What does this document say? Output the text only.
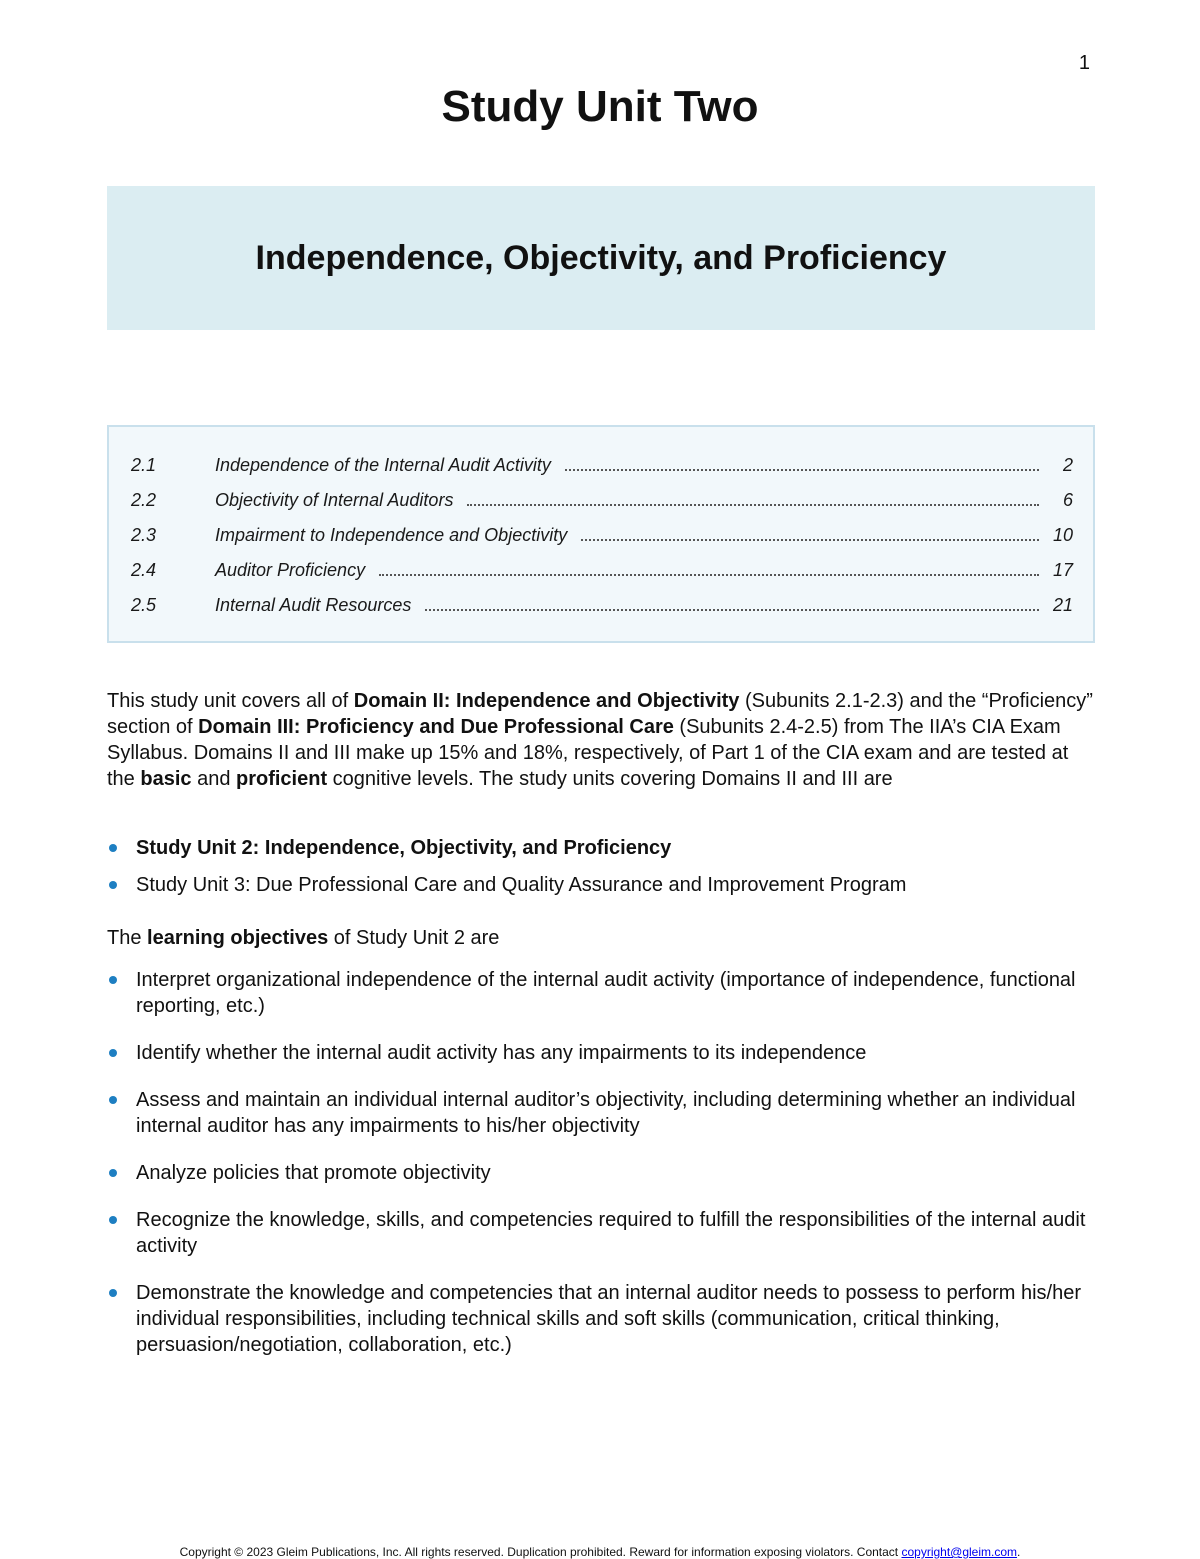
1
Study Unit Two
Independence, Objectivity, and Proficiency
2.1	Independence of the Internal Audit Activity	2
2.2	Objectivity of Internal Auditors	6
2.3	Impairment to Independence and Objectivity	10
2.4	Auditor Proficiency	17
2.5	Internal Audit Resources	21

This study unit covers all of Domain II: Independence and Objectivity (Subunits 2.1-2.3) and the “Proficiency” section of Domain III: Proficiency and Due Professional Care (Subunits 2.4-2.5) from The IIA’s CIA Exam Syllabus. Domains II and III make up 15% and 18%, respectively, of Part 1 of the CIA exam and are tested at the basic and proficient cognitive levels. The study units covering Domains II and III are

Study Unit 2: Independence, Objectivity, and Proficiency
Study Unit 3: Due Professional Care and Quality Assurance and Improvement Program

The learning objectives of Study Unit 2 are

Interpret organizational independence of the internal audit activity (importance of independence, functional reporting, etc.)
Identify whether the internal audit activity has any impairments to its independence
Assess and maintain an individual internal auditor’s objectivity, including determining whether an individual internal auditor has any impairments to his/her objectivity
Analyze policies that promote objectivity
Recognize the knowledge, skills, and competencies required to fulfill the responsibilities of the internal audit activity
Demonstrate the knowledge and competencies that an internal auditor needs to possess to perform his/her individual responsibilities, including technical skills and soft skills (communication, critical thinking, persuasion/negotiation, collaboration, etc.)
Copyright © 2023 Gleim Publications, Inc. All rights reserved. Duplication prohibited. Reward for information exposing violators. Contact copyright@gleim.com.
